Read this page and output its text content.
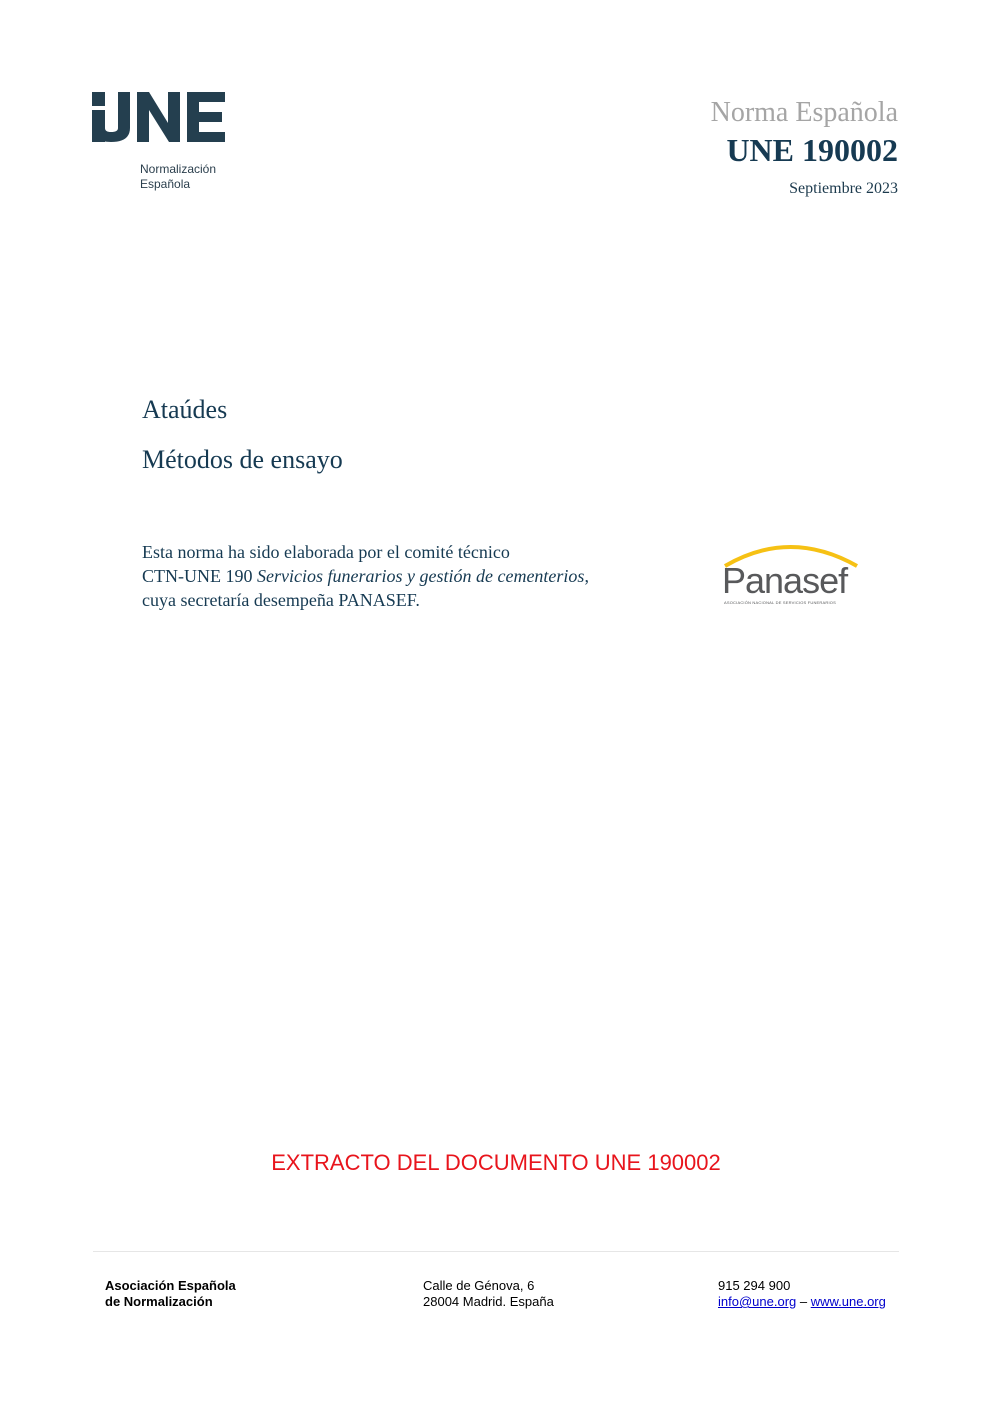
Normalización
Española
Norma Española
UNE 190002
Septiembre 2023
Ataúdes
Métodos de ensayo
Esta norma ha sido elaborada por el comité técnico
CTN-UNE 190 Servicios funerarios y gestión de cementerios,
cuya secretaría desempeña PANASEF.	Panasef
ASOCIACIÓN NACIONAL DE SERVICIOS FUNERARIOS
EXTRACTO DEL DOCUMENTO UNE 190002
Asociación Española
de Normalización
Calle de Génova, 6
28004 Madrid. España
915 294 900
info@une.org – www.une.org
